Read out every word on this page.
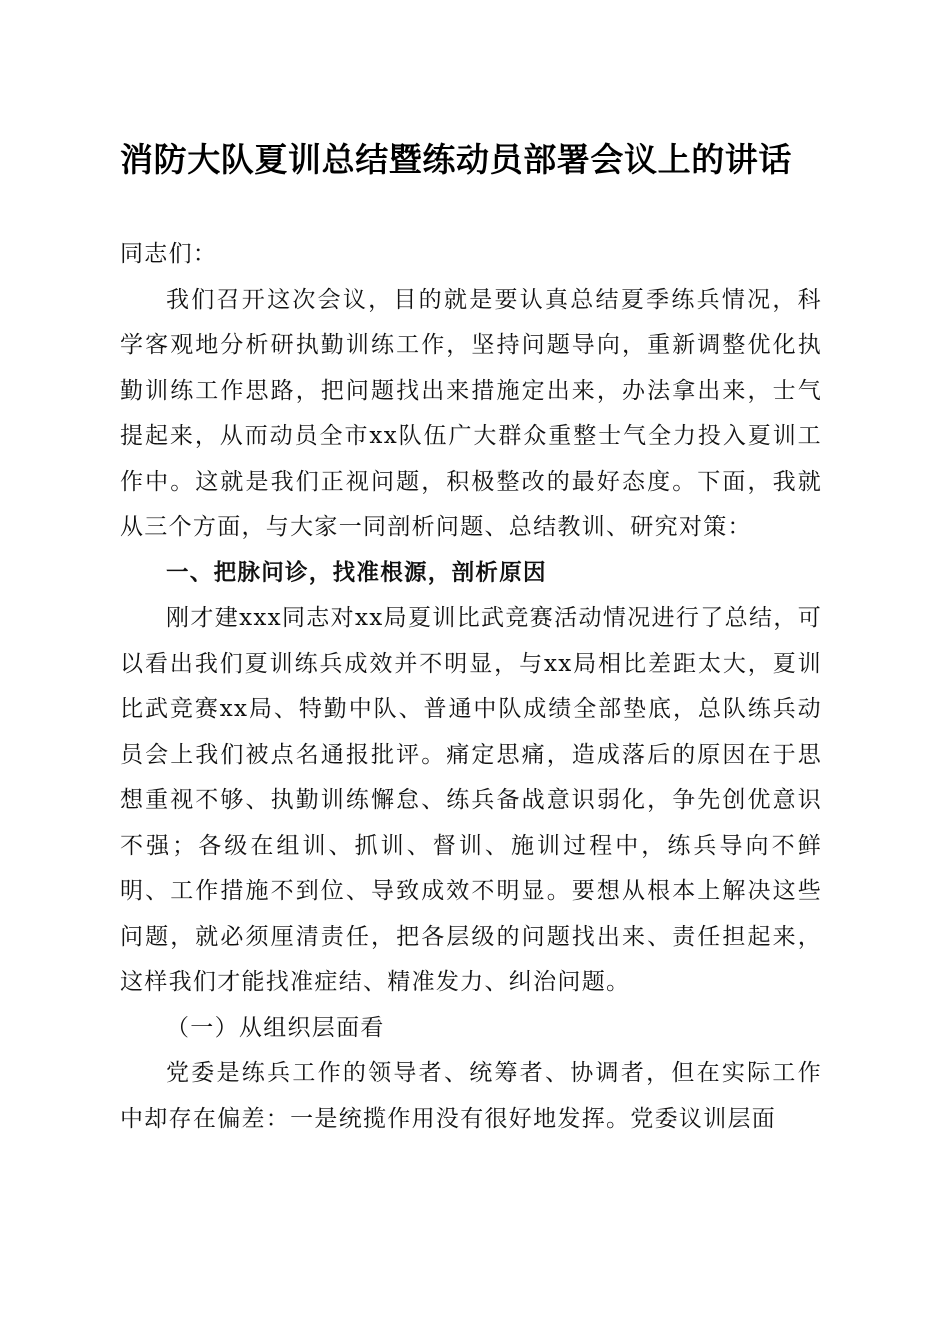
消防大队夏训总结暨练动员部署会议上的讲话

同志们：

我们召开这次会议，目的就是要认真总结夏季练兵情况，科学客观地分析研执勤训练工作，坚持问题导向，重新调整优化执勤训练工作思路，把问题找出来措施定出来，办法拿出来，士气提起来，从而动员全市xx队伍广大群众重整士气全力投入夏训工作中。这就是我们正视问题，积极整改的最好态度。下面，我就从三个方面，与大家一同剖析问题、总结教训、研究对策：

一、把脉问诊，找准根源，剖析原因

刚才建xxx同志对xx局夏训比武竞赛活动情况进行了总结，可以看出我们夏训练兵成效并不明显，与xx局相比差距太大，夏训比武竞赛xx局、特勤中队、普通中队成绩全部垫底，总队练兵动员会上我们被点名通报批评。痛定思痛，造成落后的原因在于思想重视不够、执勤训练懈怠、练兵备战意识弱化，争先创优意识不强；各级在组训、抓训、督训、施训过程中，练兵导向不鲜明、工作措施不到位、导致成效不明显。要想从根本上解决这些问题，就必须厘清责任，把各层级的问题找出来、责任担起来，这样我们才能找准症结、精准发力、纠治问题。

（一）从组织层面看

党委是练兵工作的领导者、统筹者、协调者，但在实际工作中却存在偏差：一是统揽作用没有很好地发挥。党委议训层面
